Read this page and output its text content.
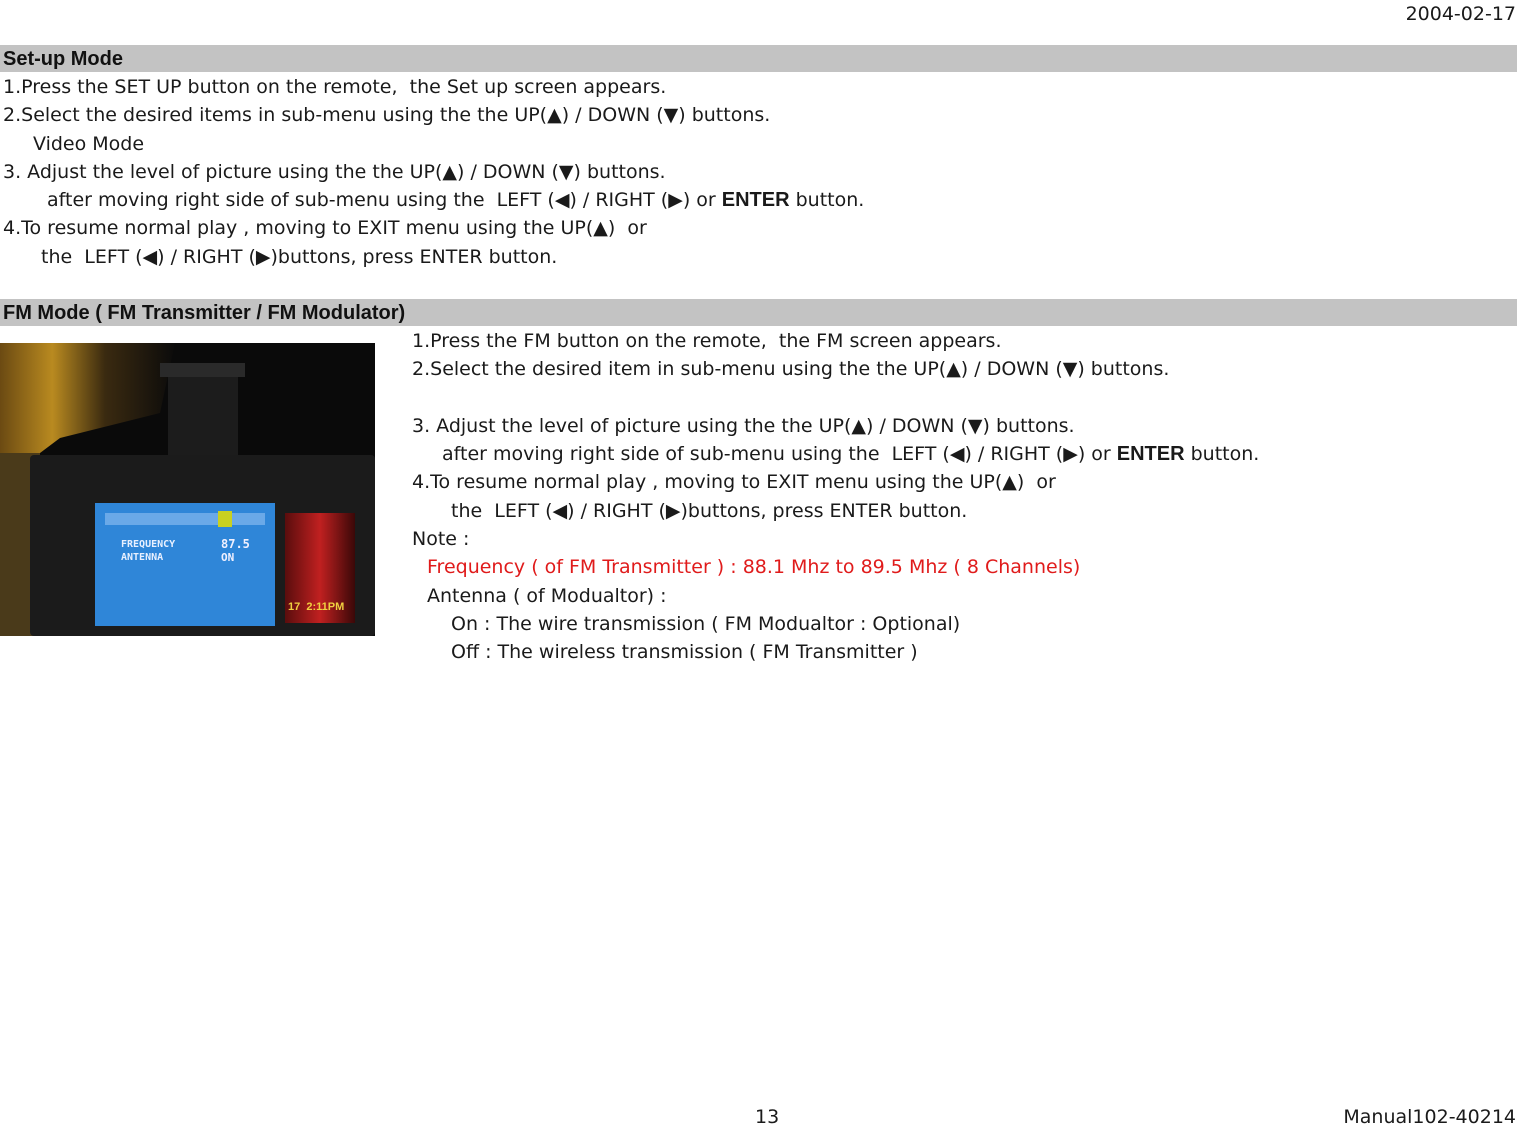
2004-02-17
Set-up Mode
1.Press the SET UP button on the remote,  the Set up screen appears.
2.Select the desired items in sub-menu using the the UP(▲) / DOWN (▼) buttons.
Video Mode
3. Adjust the level of picture using the the UP(▲) / DOWN (▼) buttons.
after moving right side of sub-menu using the  LEFT (◀) / RIGHT (▶) or ENTER button.
4.To resume normal play , moving to EXIT menu using the UP(▲)  or
the  LEFT (◀) / RIGHT (▶)buttons, press ENTER button.
FM Mode ( FM Transmitter / FM Modulator)
FREQUENCY	87.5
ANTENNA	ON
17  2:11PM
1.Press the FM button on the remote,  the FM screen appears.
2.Select the desired item in sub-menu using the the UP(▲) / DOWN (▼) buttons.
3. Adjust the level of picture using the the UP(▲) / DOWN (▼) buttons.
after moving right side of sub-menu using the  LEFT (◀) / RIGHT (▶) or ENTER button.
4.To resume normal play , moving to EXIT menu using the UP(▲)  or
the  LEFT (◀) / RIGHT (▶)buttons, press ENTER button.
Note :
Frequency ( of FM Transmitter ) : 88.1 Mhz to 89.5 Mhz ( 8 Channels)
Antenna ( of Modualtor) :
On : The wire transmission ( FM Modualtor : Optional)
Off : The wireless transmission ( FM Transmitter )
13	Manual102-40214
